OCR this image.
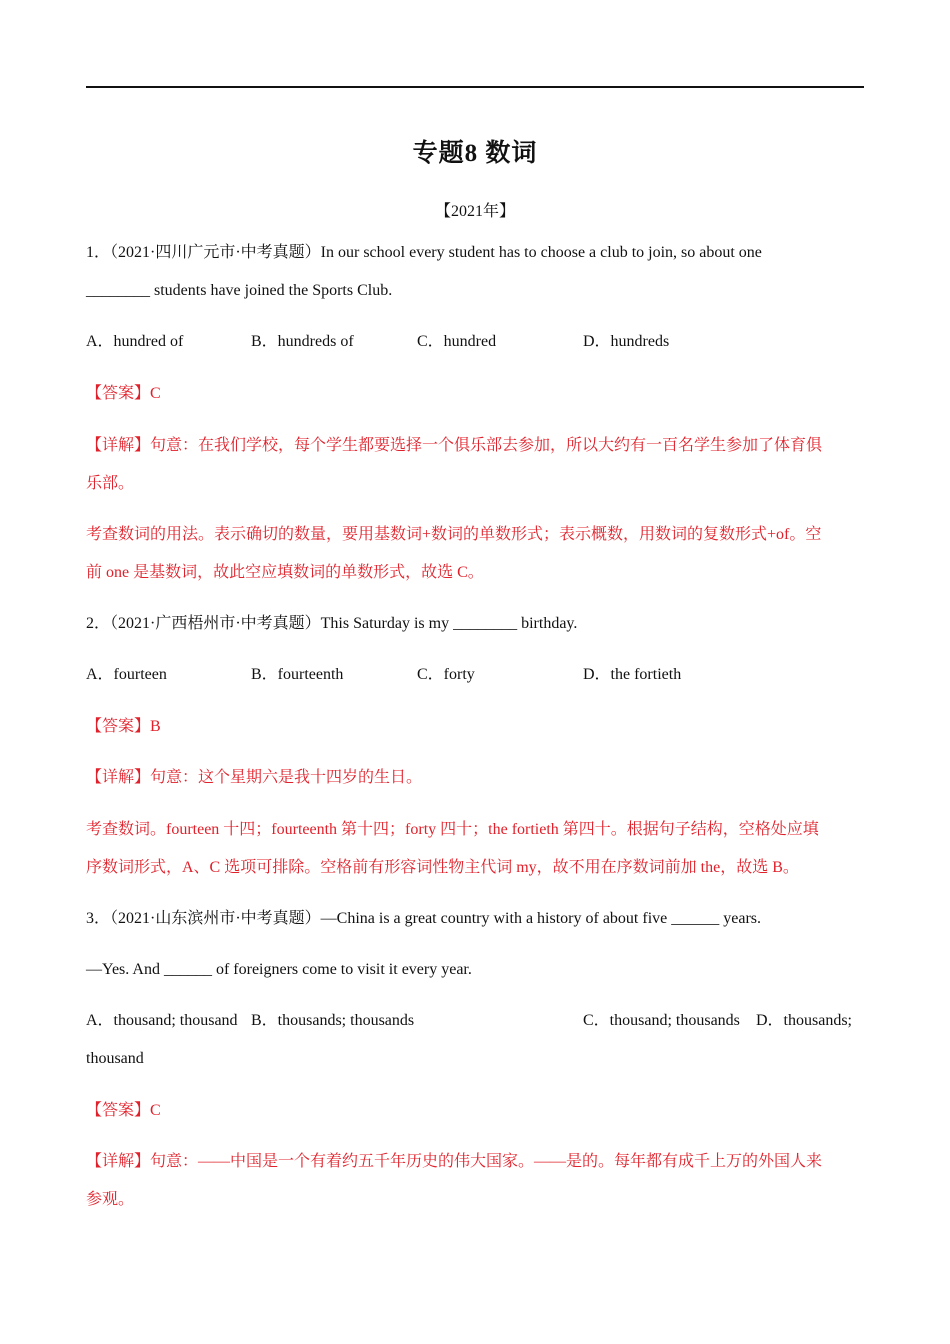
专题8 数词
【2021年】
1．（2021·四川广元市·中考真题）In our school every student has to choose a club to join, so about one
________ students have joined the Sports Club.
A．hundred of	B．hundreds of	C．hundred	D．hundreds
【答案】C
【详解】句意：在我们学校，每个学生都要选择一个俱乐部去参加，所以大约有一百名学生参加了体育俱
乐部。
考查数词的用法。表示确切的数量，要用基数词+数词的单数形式；表示概数，用数词的复数形式+of。空
前 one 是基数词，故此空应填数词的单数形式，故选 C。
2．（2021·广西梧州市·中考真题）This Saturday is my ________ birthday.
A．fourteen	B．fourteenth	C．forty	D．the fortieth
【答案】B
【详解】句意：这个星期六是我十四岁的生日。
考查数词。fourteen 十四；fourteenth 第十四；forty 四十；the fortieth 第四十。根据句子结构，空格处应填
序数词形式，A、C 选项可排除。空格前有形容词性物主代词 my，故不用在序数词前加 the，故选 B。
3．（2021·山东滨州市·中考真题）—China is a great country with a history of about five ______ years.
—Yes. And ______ of foreigners come to visit it every year.
A．thousand; thousand B．thousands; thousands	C．thousand; thousands D．thousands;
thousand
【答案】C
【详解】句意：——中国是一个有着约五千年历史的伟大国家。——是的。每年都有成千上万的外国人来
参观。
